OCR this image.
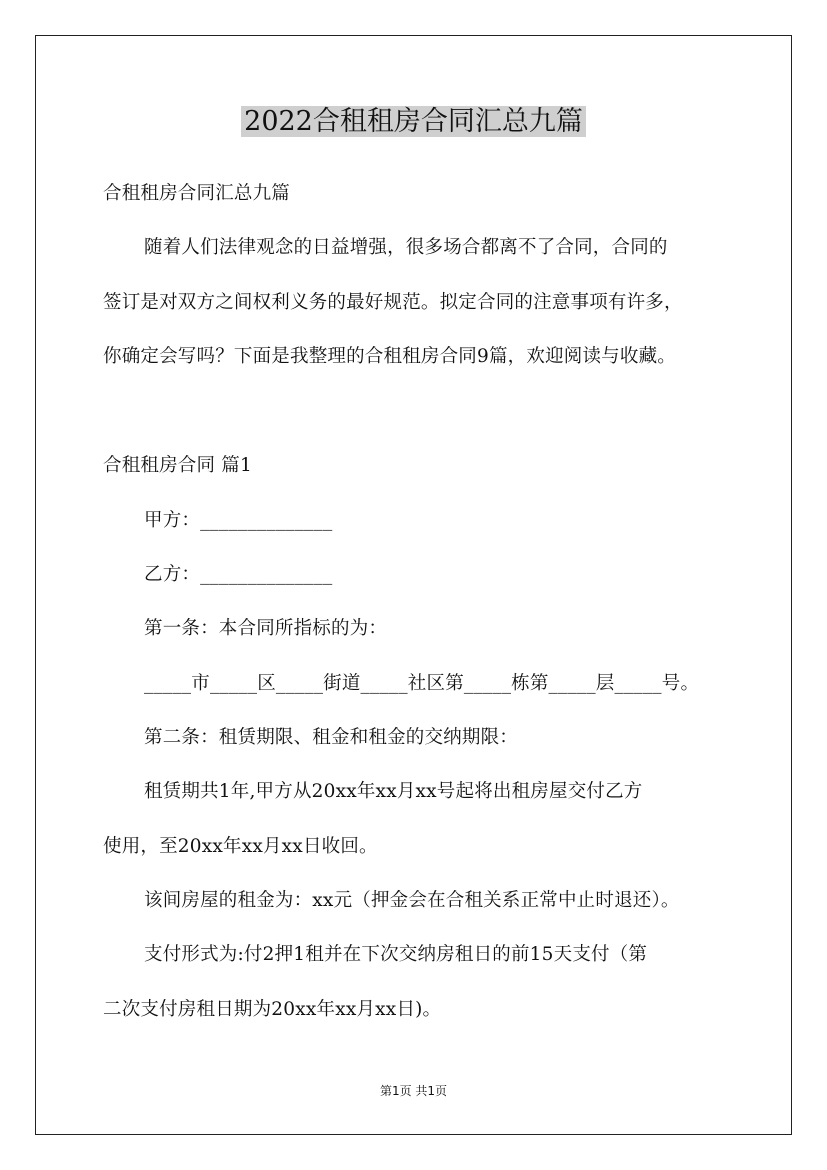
2022合租租房合同汇总九篇
合租租房合同汇总九篇
随着人们法律观念的日益增强，很多场合都离不了合同，合同的
签订是对双方之间权利义务的最好规范。拟定合同的注意事项有许多，
你确定会写吗？下面是我整理的合租租房合同9篇，欢迎阅读与收藏。
合租租房合同 篇1
甲方：______________
乙方：______________
第一条：本合同所指标的为：
_____市_____区_____街道_____社区第_____栋第_____层_____号。
第二条：租赁期限、租金和租金的交纳期限：
租赁期共1年,甲方从20xx年xx月xx号起将出租房屋交付乙方
使用，至20xx年xx月xx日收回。
该间房屋的租金为：xx元（押金会在合租关系正常中止时退还）。
支付形式为:付2押1租并在下次交纳房租日的前15天支付（第
二次支付房租日期为20xx年xx月xx日)。
第1页 共1页
